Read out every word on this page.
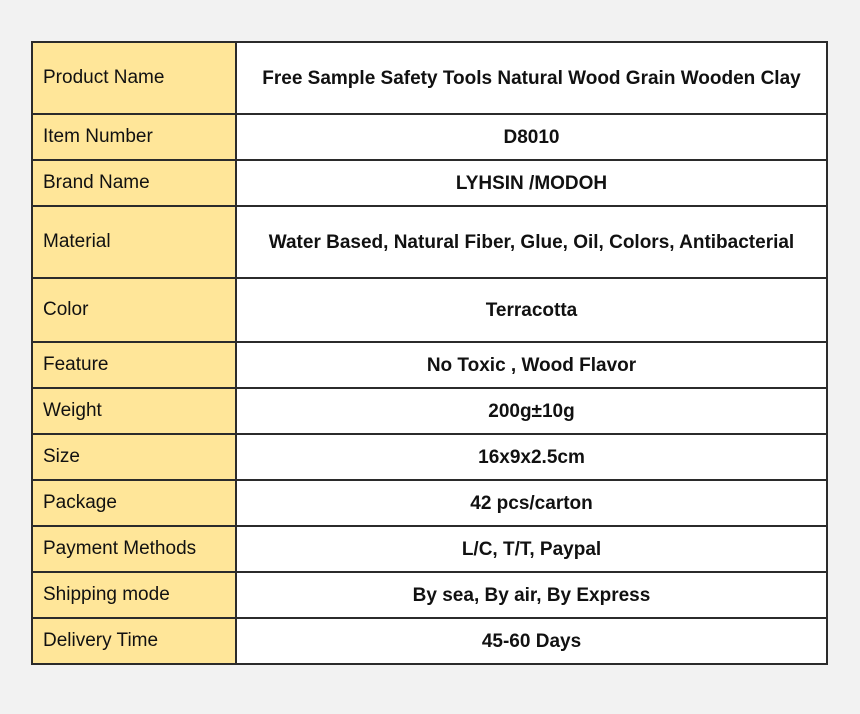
Product Name	Free Sample Safety Tools Natural Wood Grain Wooden Clay
Item Number	D8010
Brand Name	LYHSIN /MODOH
Material	Water Based, Natural Fiber, Glue, Oil, Colors, Antibacterial
Color	Terracotta
Feature	No Toxic , Wood Flavor
Weight	200g±10g
Size	16x9x2.5cm
Package	42 pcs/carton
Payment Methods	L/C, T/T, Paypal
Shipping mode	By sea, By air, By Express
Delivery Time	45-60 Days
